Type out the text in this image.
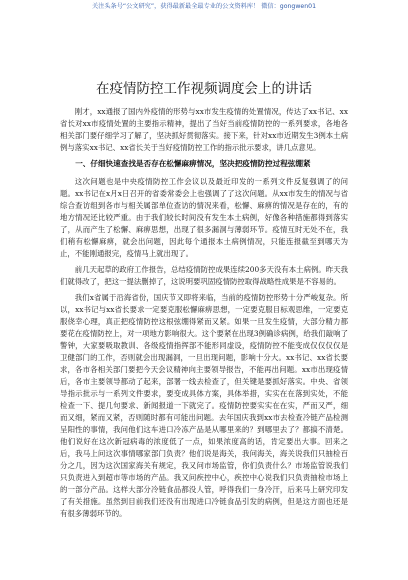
关注头条号“公文研究”，获得最新最全最专业的公文资料库！ 微信：gongwen01
在疫情防控工作视频调度会上的讲话

刚才，xx通报了国内外疫情的形势与xx市发生疫情的处置情况，传达了xx书记、xx省长对xx市疫情处置的主要指示精神，提出了当好当前疫情防控的一系列要求，各地各相关部门要仔细学习了解了，坚决抓好贯彻落实。接下来，针对xx市近期发生3例本土病例与落实xx书记、xx省长关于当好疫情防控工作的指示批示要求，讲几点意见。

一、仔细快速查找是否存在松懈麻痹情况，坚决把疫情防控过程弦绷紧

这次问题也是中央疫情防控工作会议以及最近印发的一系列文件反复强调了的问题。xx书记在x月x日召开的省委常委会上也强调了了这次问题。从xx市发生的情况与省综合查访组到各市与相关属部单位查访的情况来看，松懈、麻痹的情况是存在的，有的地方情况还比较严重。由于我们较长时间没有发生本土病例，好像各种措施都得到落实了，从而产生了松懈、麻痹思想，出现了很多漏洞与薄弱环节。疫情互时无处不在，我们稍有松懈麻痹，就会出问题，因此每个通报本土病例情况，只能连报截至到哪天为止，不能刚通报完，疫情马上就出现了。

前几天起草的政府工作报告，总结疫情防控成果连续200多天没有本土病例。昨天我们就得改了，把这一提法删掉了，这说明要巩固疫情防控取得战略性成果是不容易的。

我们x省属于沿海省份，国庆节又即将来临，当前的疫情防控形势十分严峻复杂。所以，xx书记与xx省长要求一定要克服松懈麻痹思想，一定要克服目标观思维，一定要克服侥幸心理，真正把疫情防控这根弦绷得紧而又紧。如果一旦发生疫情，大部分精力都要花在疫情防控上，对一项地方影响很大。这个要紧在出现3例确诊病例，给我们敲响了警钟，大家要吸取教训、各级疫情指挥部不能形同虚设，疫情防控不能变成仅仅仅仅是卫健部门的工作，否则就会出现漏洞，一旦出现问题，影响十分大。xx书记、xx省长要求，各市各相关部门要把今天会议精神向主要领导报告，不能再出问题。xx市出现疫情后，各市主要领导都动了起来，部署一线去检查了，但关键是要抓好落实。中央、省领导指示批示与一系列文件要求，要变成具体方案，具体举措，实实在在落到实处，不能检查一下、提几句要求、新闻报道一下就完了。疫情防控要实实在在实，严而又严，细而又细，紧而又紧，否则随时都有可能出问题。去年国庆我到xx市去检查冷链产品检测呈阳性的事情，我问他们这车进口冷冻产品是从哪里来的？到哪里去了？都搞不清楚。他们说好在这次新冠病毒的浓度低了一点，如果浓度高的话，肯定要出大事。回来之后，我马上问这次事情哪家部门负责？他们说是海关，我问海关，海关说我们只抽检百分之几，因为这次国家海关有规定，我又问市场监管，你们负责什么？市场监管说我们只负责进入到超市等市场的产品。我又问疾控中心，疾控中心说我们只负责抽检市场上的一部分产品。这样大部分冷链食品都没人管，呼得我们一身冷汗，后来马上研究印发了有关措施。虽然到目前我们还没有出现进口冷链食品引发的病例，但是这方面也还是有很多薄弱环节的。
